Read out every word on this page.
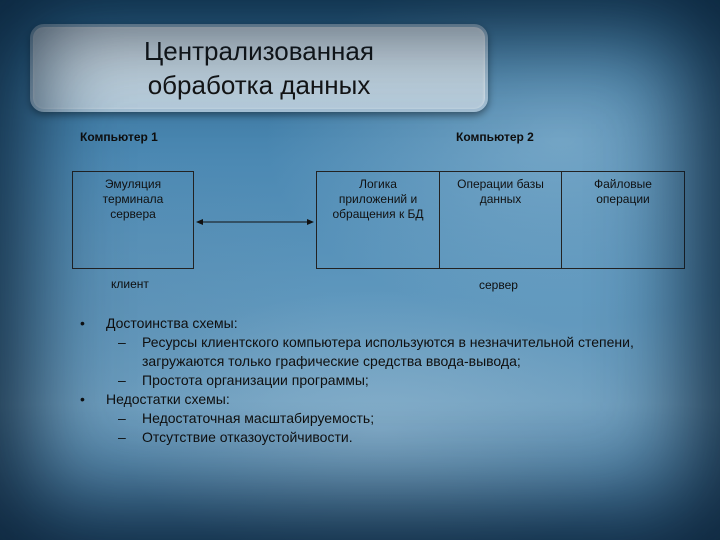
Централизованная
обработка данных
Компьютер 1	Компьютер 2
Эмуляция терминала сервера
Логика приложений и обращения к БД
Операции базы данных
Файловые операции
клиент	сервер
• Достоинства схемы:
– Ресурсы клиентского компьютера используются в незначительной степени, загружаются только графические средства ввода-вывода;
– Простота организации программы;
• Недостатки схемы:
– Недостаточная масштабируемость;
– Отсутствие отказоустойчивости.
